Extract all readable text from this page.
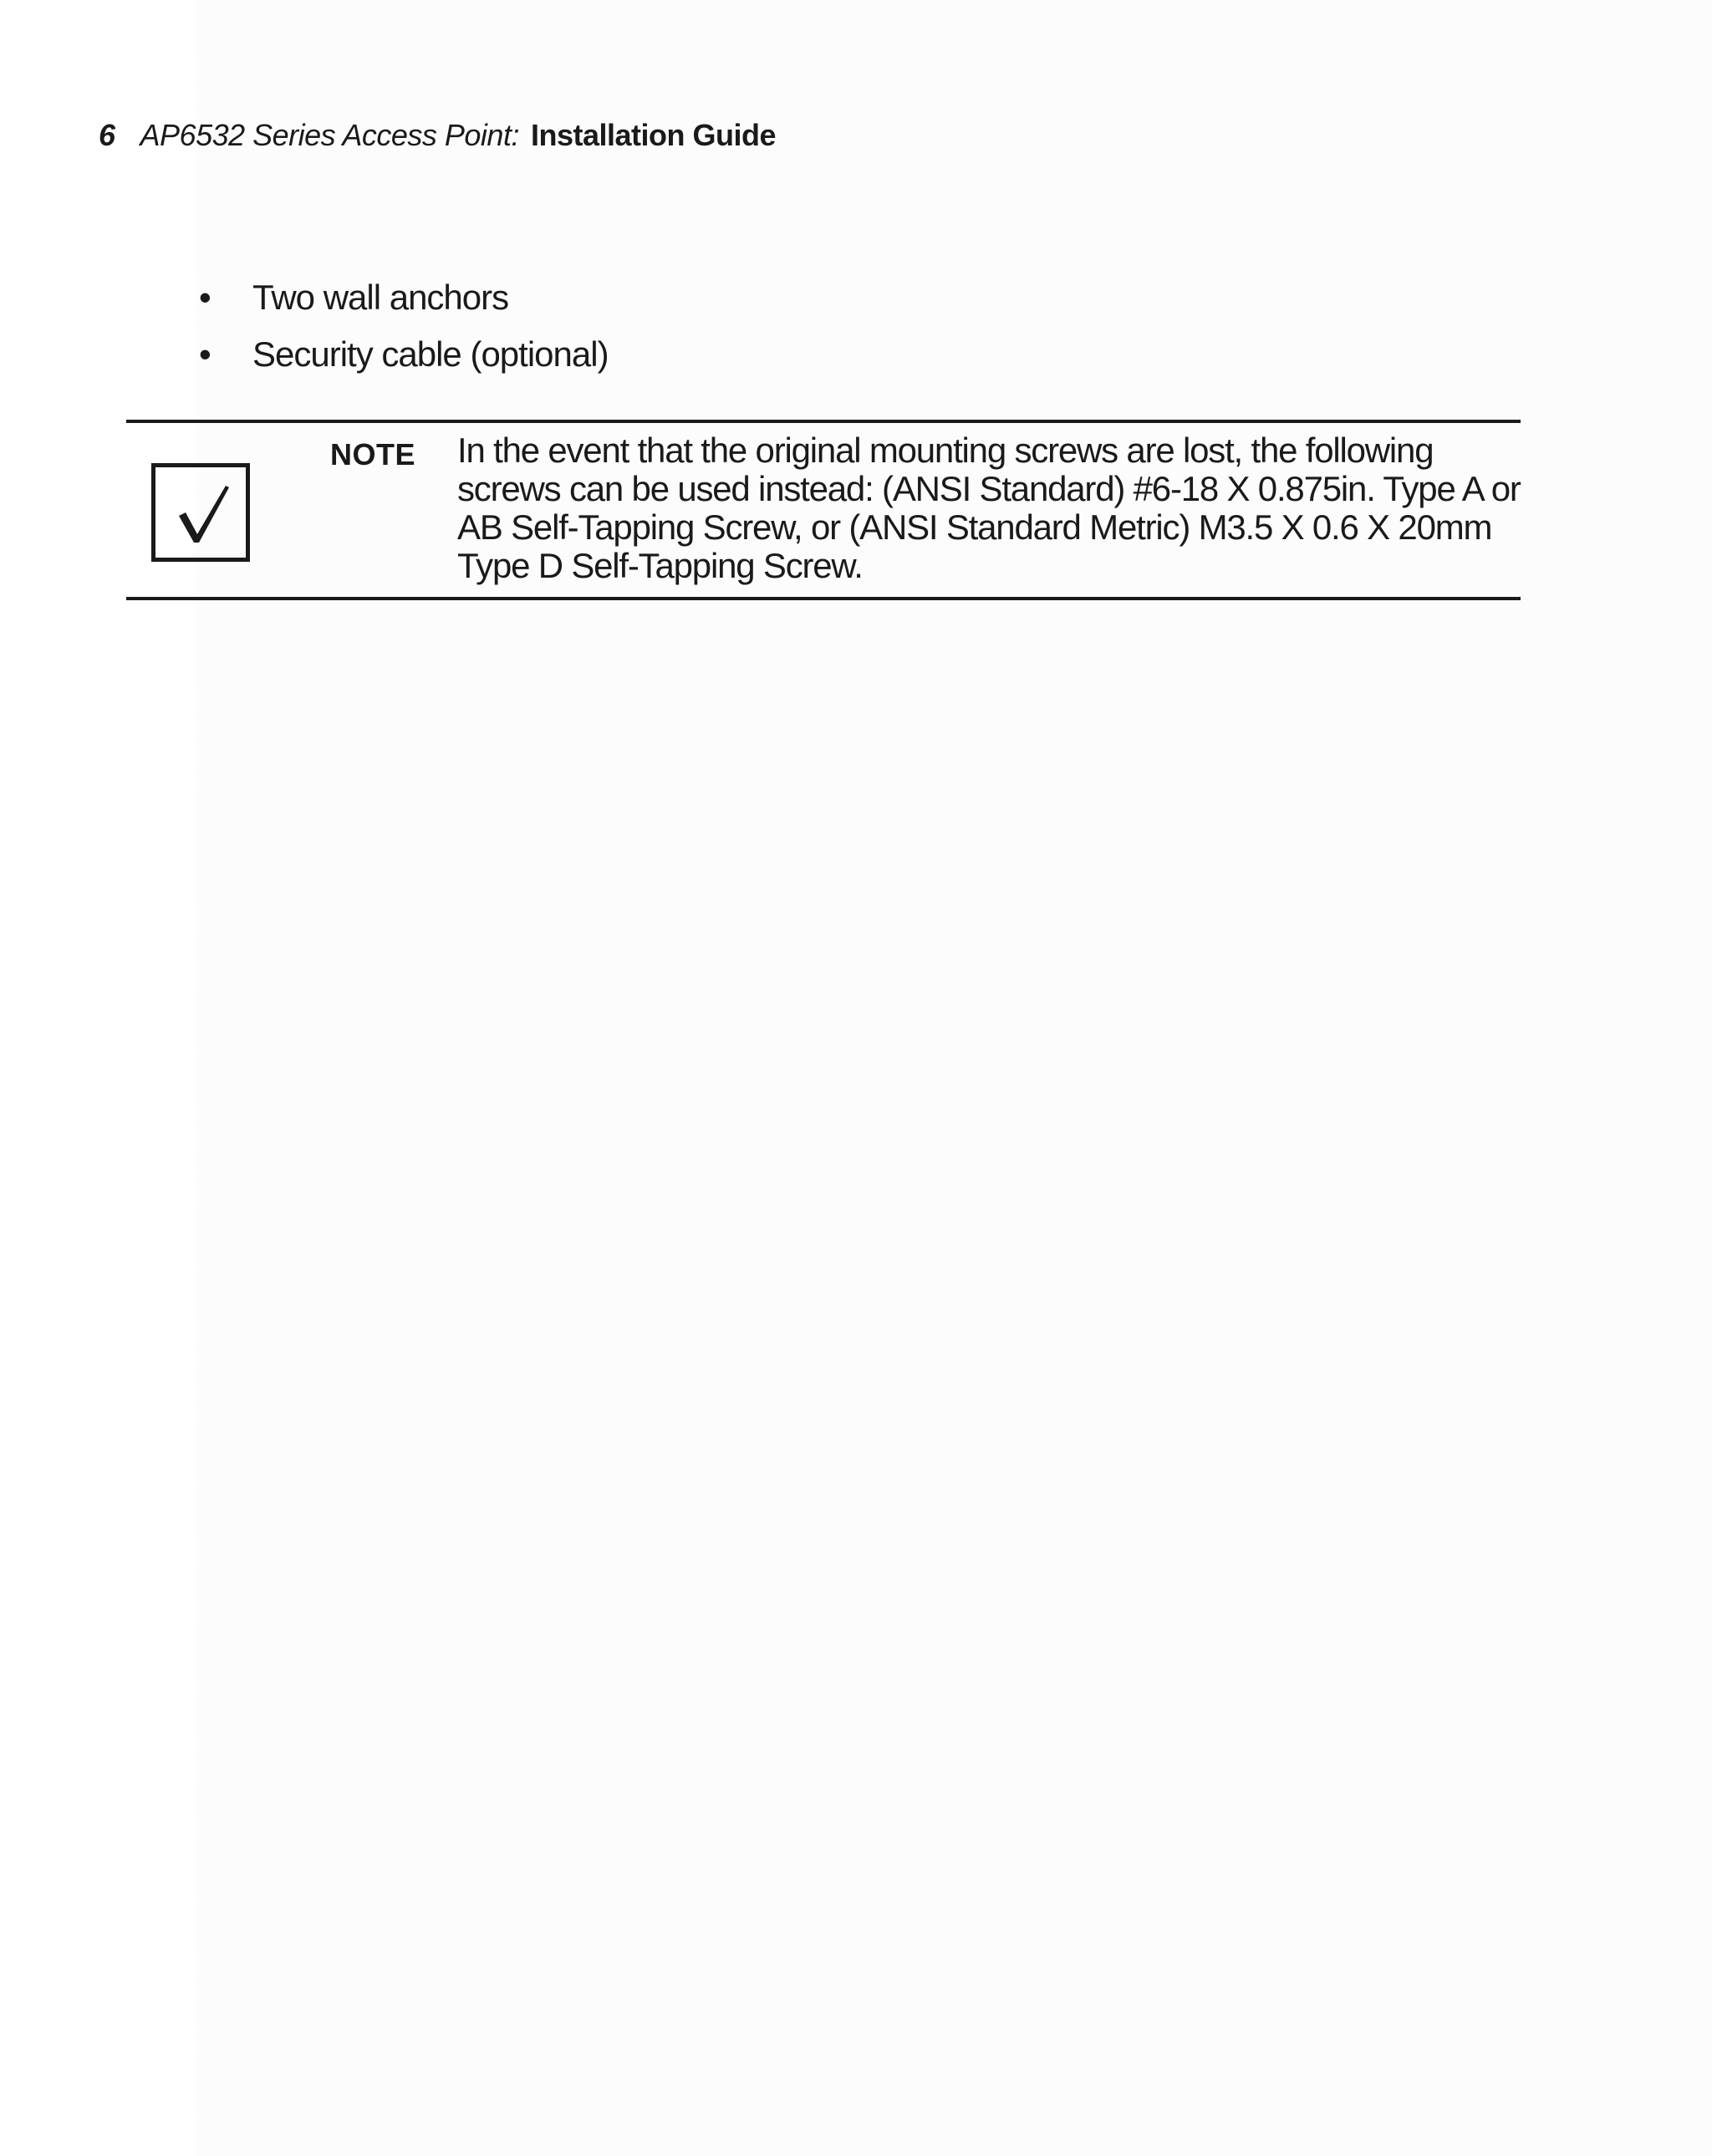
6 AP6532 Series Access Point: Installation Guide
• Two wall anchors
• Security cable (optional)
NOTE In the event that the original mounting screws are lost, the following
screws can be used instead: (ANSI Standard) #6-18 X 0.875in. Type A or
AB Self-Tapping Screw, or (ANSI Standard Metric) M3.5 X 0.6 X 20mm
Type D Self-Tapping Screw.
